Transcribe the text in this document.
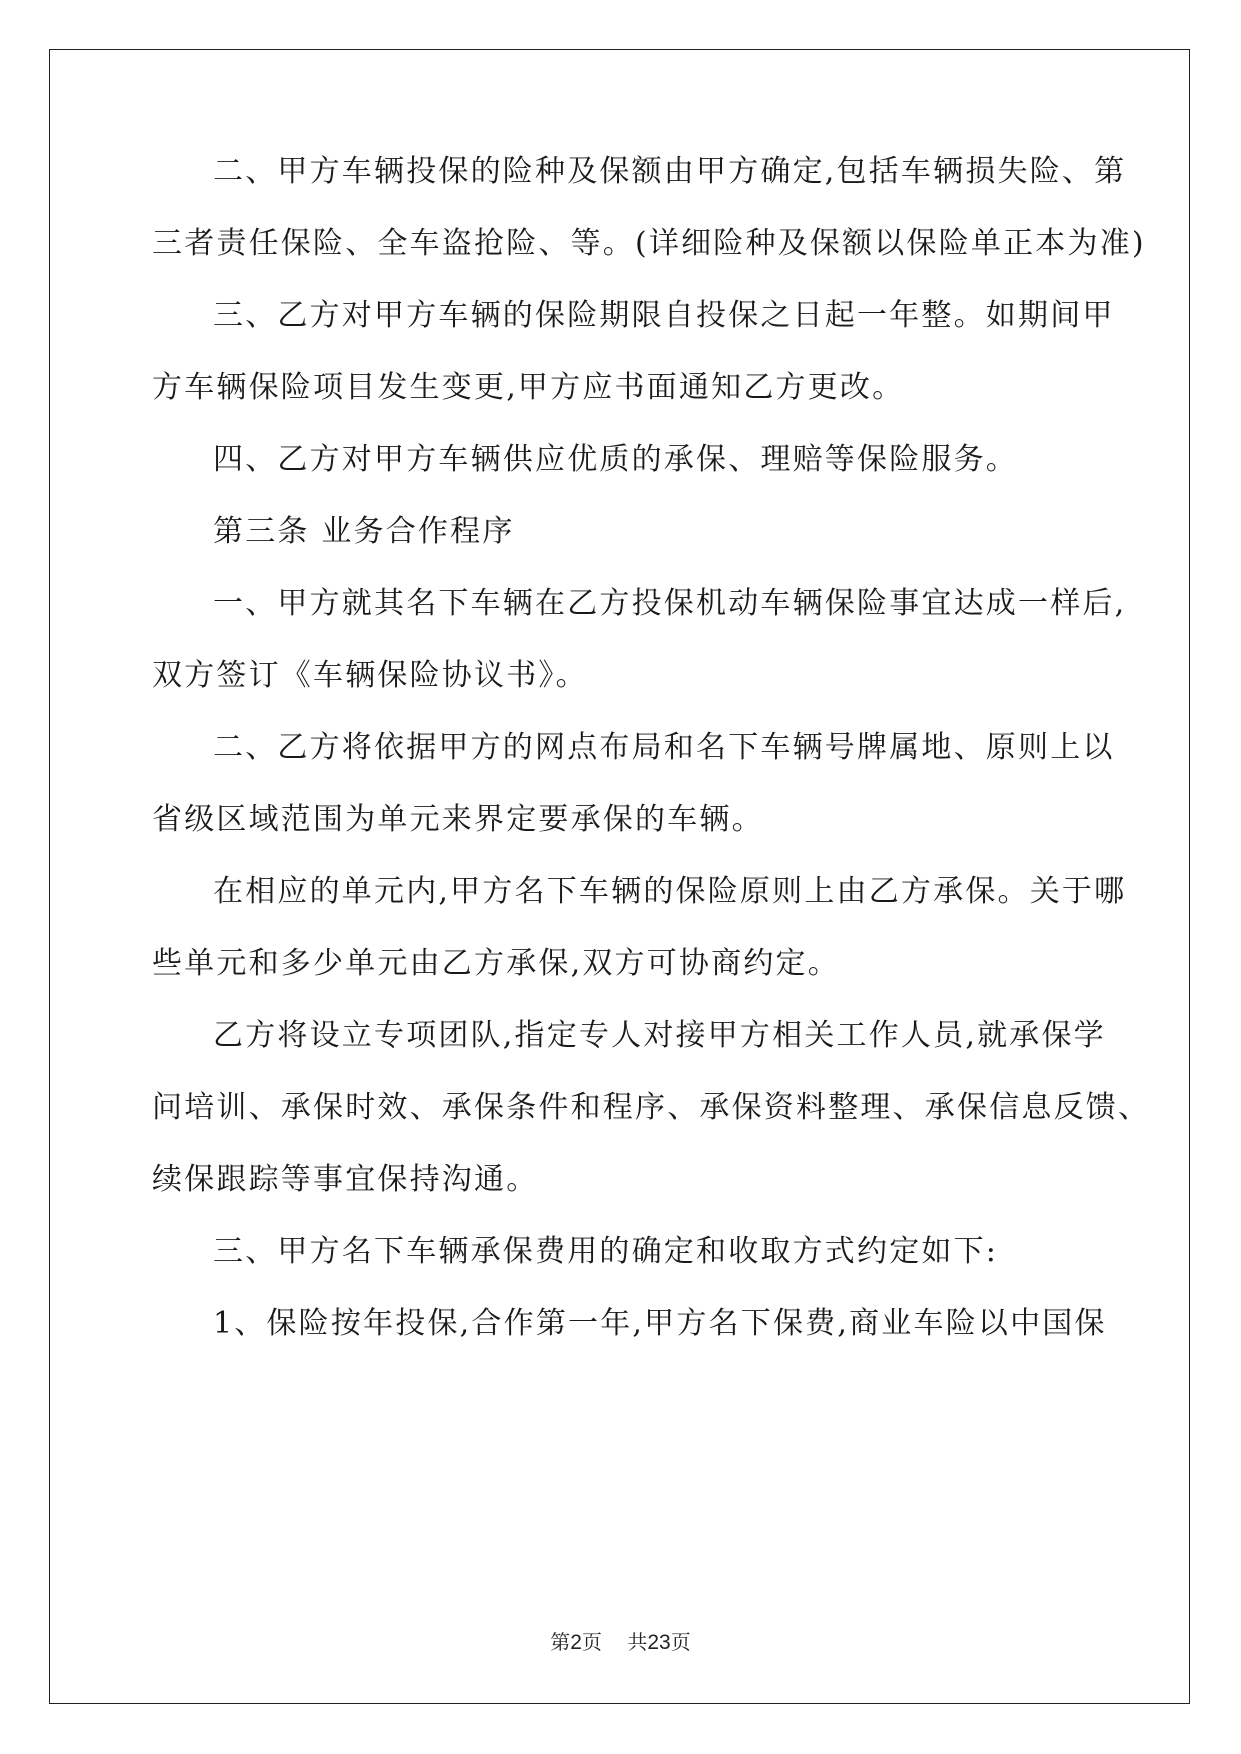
二、甲方车辆投保的险种及保额由甲方确定,包括车辆损失险、第
三者责任保险、全车盗抢险、等。(详细险种及保额以保险单正本为准)
三、乙方对甲方车辆的保险期限自投保之日起一年整。如期间甲
方车辆保险项目发生变更,甲方应书面通知乙方更改。
四、乙方对甲方车辆供应优质的承保、理赔等保险服务。
第三条 业务合作程序
一、甲方就其名下车辆在乙方投保机动车辆保险事宜达成一样后,
双方签订《车辆保险协议书》。
二、乙方将依据甲方的网点布局和名下车辆号牌属地、原则上以
省级区域范围为单元来界定要承保的车辆。
在相应的单元内,甲方名下车辆的保险原则上由乙方承保。关于哪
些单元和多少单元由乙方承保,双方可协商约定。
乙方将设立专项团队,指定专人对接甲方相关工作人员,就承保学
问培训、承保时效、承保条件和程序、承保资料整理、承保信息反馈、
续保跟踪等事宜保持沟通。
三、甲方名下车辆承保费用的确定和收取方式约定如下:
1、保险按年投保,合作第一年,甲方名下保费,商业车险以中国保
第2页    共23页
